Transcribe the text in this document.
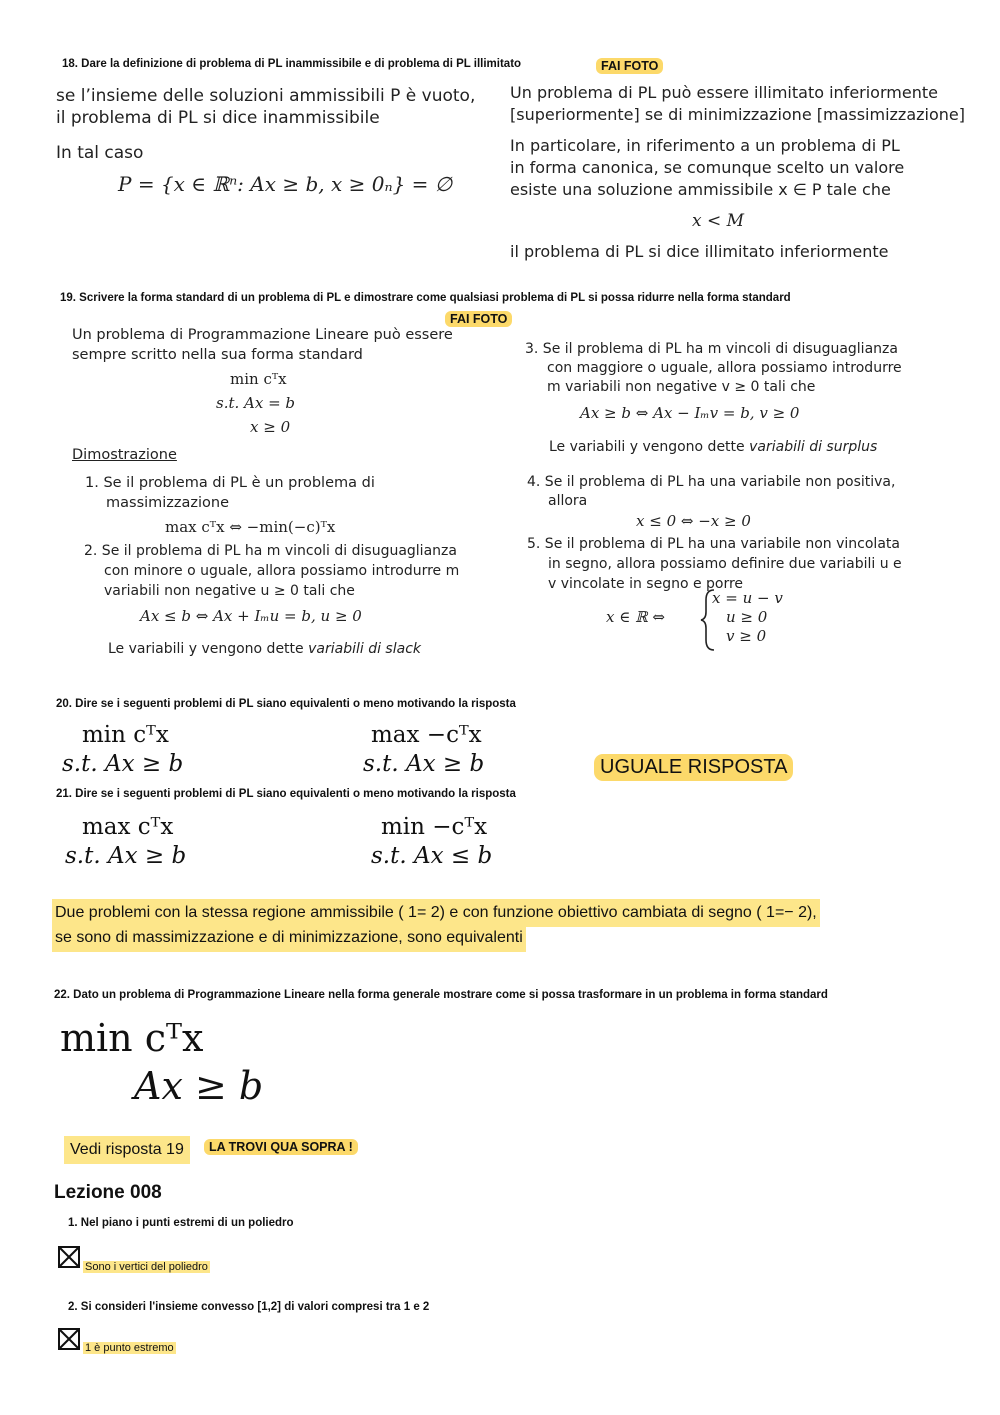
18. Dare la definizione di problema di PL inammissibile e di problema di PL illimitato	FAI FOTO
se l’insieme delle soluzioni ammissibili P è vuoto,
il problema di PL si dice inammissibile
In tal caso
P = {x ∈ ℝⁿ: Ax ≥ b, x ≥ 0ₙ} = ∅
Un problema di PL può essere illimitato inferiormente
[superiormente] se di minimizzazione [massimizzazione]
In particolare, in riferimento a un problema di PL
in forma canonica, se comunque scelto un valore
esiste una soluzione ammissibile x ∈ P tale che
x < M
il problema di PL si dice illimitato inferiormente
19. Scrivere la forma standard di un problema di PL e dimostrare come qualsiasi problema di PL si possa ridurre nella forma standard
FAI FOTO
Un problema di Programmazione Lineare può essere
sempre scritto nella sua forma standard
min cᵀx
s.t. Ax = b
x ≥ 0
Dimostrazione
1. Se il problema di PL è un problema di
massimizzazione
max cᵀx ⇔ −min(−c)ᵀx
2. Se il problema di PL ha m vincoli di disuguaglianza
con minore o uguale, allora possiamo introdurre m
variabili non negative u ≥ 0 tali che
Ax ≤ b ⇔ Ax + Iₘu = b, u ≥ 0
Le variabili y vengono dette variabili di slack
3. Se il problema di PL ha m vincoli di disuguaglianza
con maggiore o uguale, allora possiamo introdurre
m variabili non negative v ≥ 0 tali che
Ax ≥ b ⇔ Ax − Iₘv = b, v ≥ 0
Le variabili y vengono dette variabili di surplus
4. Se il problema di PL ha una variabile non positiva,
allora
x ≤ 0 ⇔ −x ≥ 0
5. Se il problema di PL ha una variabile non vincolata
in segno, allora possiamo definire due variabili u e
v vincolate in segno e porre
x ∈ ℝ ⇔
x = u − v
u ≥ 0
v ≥ 0
20. Dire se i seguenti problemi di PL siano equivalenti o meno motivando la risposta
min cᵀx
s.t. Ax ≥ b
max −cᵀx
s.t. Ax ≥ b	UGUALE RISPOSTA
21. Dire se i seguenti problemi di PL siano equivalenti o meno motivando la risposta
max cᵀx
s.t. Ax ≥ b
min −cᵀx
s.t. Ax ≤ b
Due problemi con la stessa regione ammissibile ( 1= 2) e con funzione obiettivo cambiata di segno ( 1=− 2),
se sono di massimizzazione e di minimizzazione, sono equivalenti
22. Dato un problema di Programmazione Lineare nella forma generale mostrare come si possa trasformare in un problema in forma standard
min cᵀx
Ax ≥ b
Vedi risposta 19	LA TROVI QUA SOPRA !
Lezione 008
1. Nel piano i punti estremi di un poliedro
Sono i vertici del poliedro
2. Si consideri l'insieme convesso [1,2] di valori compresi tra 1 e 2
1 è punto estremo
